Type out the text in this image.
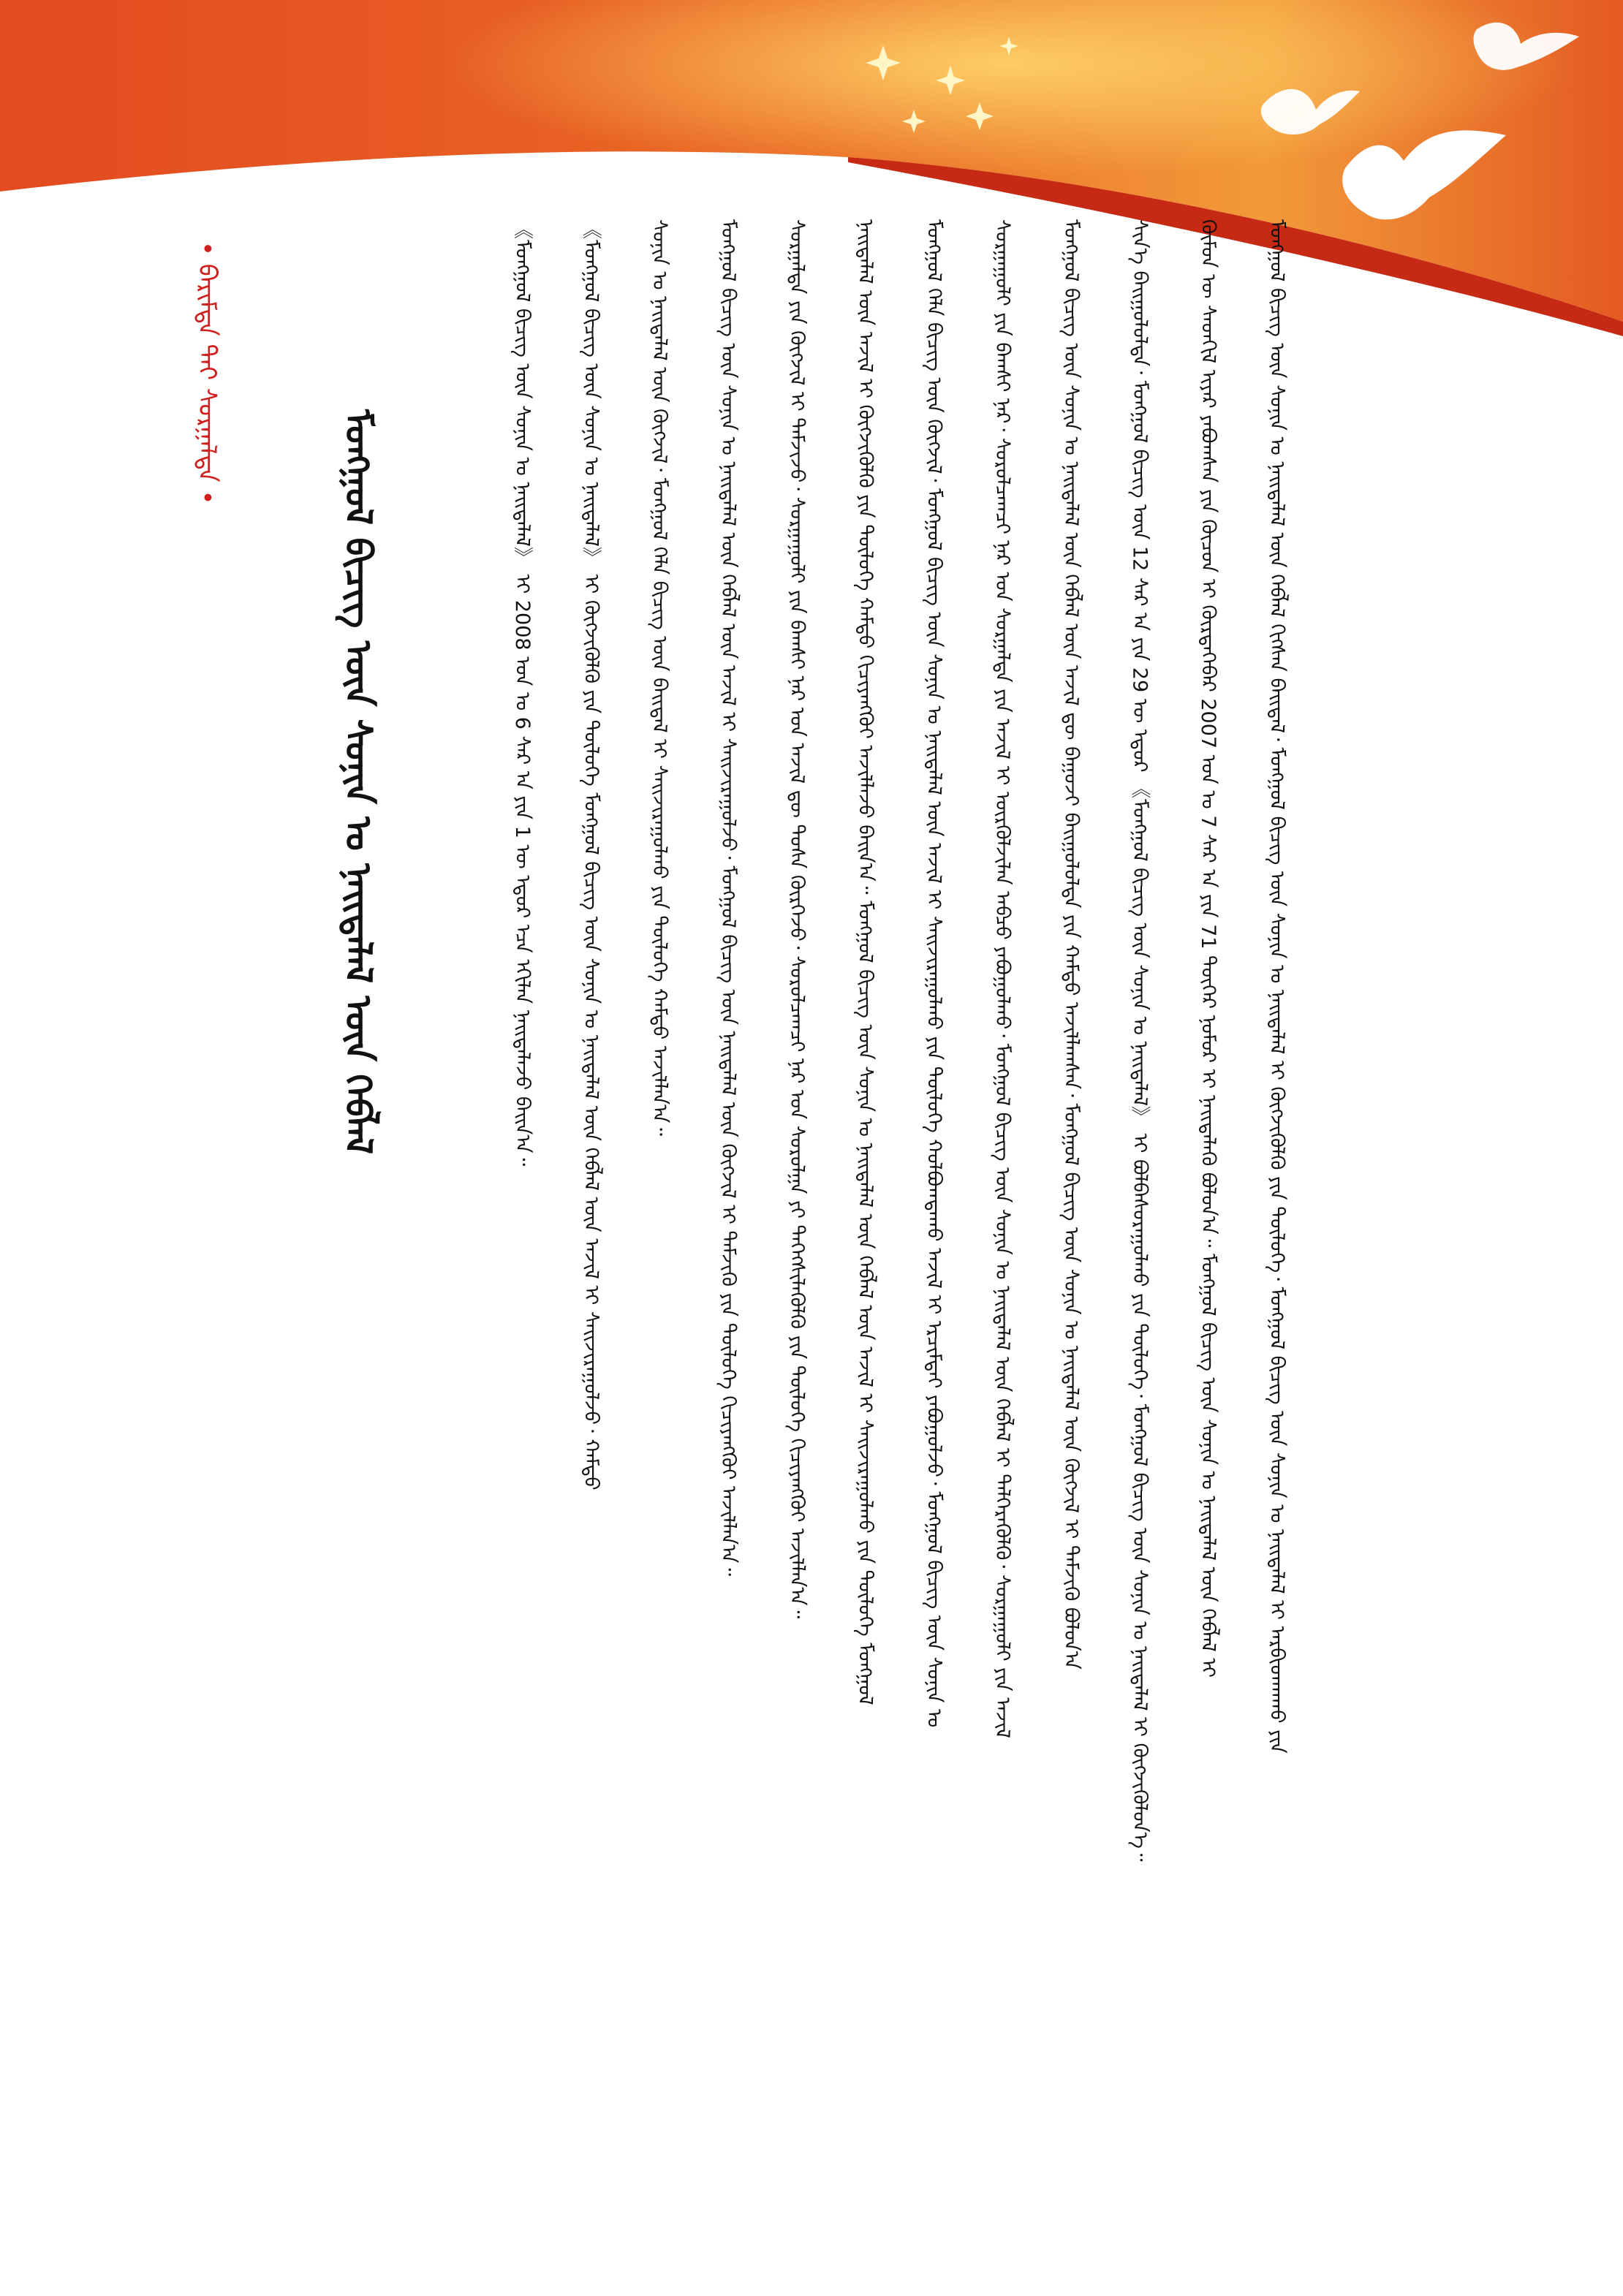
ᠮᠣᠩᠭᠤᠯ ᠪᠢᠴᠢᠭ ᠦᠨ ᠰᠣᠨᠢᠨ ᠤ ᠨᠡᠢᠲᠡᠯᠡᠯ ᠦᠨ ᠬᠡᠪᠯᠡᠯ
• ᠪᠠᠷᠢᠮᠲᠠ ᠲᠠᠢ ᠰᠤᠷᠭᠠᠯᠲᠠ •	ᠮᠣᠩᠭᠤᠯ ᠪᠢᠴᠢᠭ ᠦᠨ ᠰᠣᠨᠢᠨ ᠤ ᠨᠡᠢᠲᠡᠯᠡᠯ ᠦᠨ ᠬᠡᠪᠯᠡᠯ ᠬᠢᠭᠰᠡᠨ ᠪᠠᠢᠳᠠᠯ᠂ ᠮᠣᠩᠭᠤᠯ ᠪᠢᠴᠢᠭ ᠦᠨ ᠰᠣᠨᠢᠨ ᠤ ᠨᠡᠢᠲᠡᠯᠡᠯ ᠢ ᠬᠥᠭᠵᠢᠭᠦᠯᠬᠦ ᠶᠢᠨ ᠲᠥᠯᠥᠭᠡ᠂ ᠮᠣᠩᠭᠤᠯ ᠪᠢᠴᠢᠭ ᠦᠨ ᠰᠣᠨᠢᠨ ᠤ ᠨᠡᠢᠲᠡᠯᠡᠯ ᠢ ᠠᠷᠪᠢᠳᠬᠠᠬᠤ ᠶᠢᠨ
ᠬᠥᠮᠦᠨ ᠦ ᠰᠡᠳᠬᠢᠯ ᠢᠶᠡᠷ ᠶᠠᠪᠤᠭᠰᠠᠨ ᠶᠢᠨ ᠬᠦᠴᠦᠨ ᠢ ᠬᠦᠷᠲᠡᠭᠡᠪᠡᠷ 2007 ᠣᠨ ᠤ 7 ᠰᠠᠷ ᠠ ᠶᠢᠨ 71 ᠳᠦᠭᠡᠷ ᠨᠣᠮᠣᠷ ᠢ ᠨᠡᠢᠲᠡᠯᠡᠬᠦ ᠪᠣᠯᠤᠨ᠎ᠠ᠃ ᠮᠣᠩᠭᠤᠯ ᠪᠢᠴᠢᠭ ᠦᠨ ᠰᠣᠨᠢᠨ ᠤ ᠨᠡᠢᠲᠡᠯᠡᠯ ᠦᠨ ᠬᠡᠪᠯᠡᠯ ᠢ
ᠰᠢᠨ᠎ᠡ ᠪᠠᠢᠭᠤᠯᠤᠯᠲᠠ᠂ ᠮᠣᠩᠭᠤᠯ ᠪᠢᠴᠢᠭ ᠦᠨ 12 ᠰᠠᠷ ᠠ ᠶᠢᠨ 29 ᠦ ᠡᠳᠦᠷ 《ᠮᠣᠩᠭᠤᠯ ᠪᠢᠴᠢᠭ ᠦᠨ ᠰᠣᠨᠢᠨ ᠤ ᠨᠡᠢᠲᠡᠯᠡᠯ》 ᠢ ᠪᠣᠯᠪᠠᠰᠤᠷᠠᠭᠤᠯᠬᠤ ᠶᠢᠨ ᠲᠥᠯᠥᠭᠡ᠂ ᠮᠣᠩᠭᠤᠯ ᠪᠢᠴᠢᠭ ᠦᠨ ᠰᠣᠨᠢᠨ ᠤ ᠨᠡᠢᠲᠡᠯᠡᠯ ᠢ ᠬᠥᠭᠵᠢᠭᠦᠯᠦᠨ᠎ᠡ᠃
ᠮᠣᠩᠭᠤᠯ ᠪᠢᠴᠢᠭ ᠦᠨ ᠰᠣᠨᠢᠨ ᠤ ᠨᠡᠢᠲᠡᠯᠡᠯ ᠦᠨ ᠬᠡᠪᠯᠡᠯ ᠦᠨ ᠠᠵᠢᠯ ᠳᠦ ᠪᠠᠭᠤᠵᠢ ᠪᠠᠢᠭᠤᠯᠤᠯᠲᠠ ᠶᠢᠨ ᠬᠠᠮᠲᠤ ᠠᠵᠢᠯᠯᠠᠭᠰᠠᠨ᠂ ᠮᠣᠩᠭᠤᠯ ᠪᠢᠴᠢᠭ ᠦᠨ ᠰᠣᠨᠢᠨ ᠤ ᠨᠡᠢᠲᠡᠯᠡᠯ ᠦᠨ ᠬᠥᠭᠵᠢᠯ ᠢ ᠳᠡᠮᠵᠢᠬᠦ ᠪᠣᠯᠤᠨ᠎ᠠ
ᠰᠤᠷᠭᠠᠭᠤᠯᠢ ᠶᠢᠨ ᠪᠠᠭᠰᠢ ᠨᠠᠷ᠂ ᠰᠤᠷᠤᠯᠴᠠᠭᠴᠢ ᠨᠠᠷ ᠤᠨ ᠰᠤᠷᠭᠠᠯᠲᠠ ᠶᠢᠨ ᠠᠵᠢᠯ ᠢ ᠦᠷᠭᠦᠯᠵᠢᠯᠡᠨ ᠠᠪᠴᠤ ᠶᠠᠪᠤᠭᠤᠯᠬᠤ᠂ ᠮᠣᠩᠭᠤᠯ ᠪᠢᠴᠢᠭ ᠦᠨ ᠰᠣᠨᠢᠨ ᠤ ᠨᠡᠢᠲᠡᠯᠡᠯ ᠦᠨ ᠬᠡᠪᠯᠡᠯ ᠢ ᠳᠡᠯᠭᠡᠷᠡᠭᠦᠯᠬᠦ᠂ ᠰᠤᠷᠭᠠᠭᠤᠯᠢ ᠶᠢᠨ ᠠᠵᠢᠯ
ᠮᠣᠩᠭᠤᠯ ᠬᠡᠯᠡ ᠪᠢᠴᠢᠭ ᠦᠨ ᠬᠥᠭᠵᠢᠯ᠂ ᠮᠣᠩᠭᠤᠯ ᠪᠢᠴᠢᠭ ᠦᠨ ᠰᠣᠨᠢᠨ ᠤ ᠨᠡᠢᠲᠡᠯᠡᠯ ᠦᠨ ᠠᠵᠢᠯ ᠢ ᠰᠠᠢᠵᠢᠷᠠᠭᠤᠯᠬᠤ ᠶᠢᠨ ᠲᠥᠯᠥᠭᠡ ᠬᠣᠯᠪᠣᠭᠳᠠᠬᠤ ᠠᠵᠢᠯ ᠢ ᠡᠷᠴᠢᠮᠲᠡᠢ ᠶᠠᠪᠤᠭᠤᠯᠵᠤ᠂ ᠮᠣᠩᠭᠤᠯ ᠪᠢᠴᠢᠭ ᠦᠨ ᠰᠣᠨᠢᠨ ᠤ
ᠨᠡᠢᠲᠡᠯᠡᠯ ᠦᠨ ᠠᠵᠢᠯ ᠢ ᠬᠥᠭᠵᠢᠭᠦᠯᠬᠦ ᠶᠢᠨ ᠲᠥᠯᠥᠭᠡ ᠬᠠᠮᠲᠤ ᠬᠢᠴᠢᠶᠡᠩᠭᠦᠢ ᠠᠵᠢᠯᠯᠠᠵᠤ ᠪᠠᠢᠨ᠎ᠠ᠃ ᠮᠣᠩᠭᠤᠯ ᠪᠢᠴᠢᠭ ᠦᠨ ᠰᠣᠨᠢᠨ ᠤ ᠨᠡᠢᠲᠡᠯᠡᠯ ᠦᠨ ᠬᠡᠪᠯᠡᠯ ᠦᠨ ᠠᠵᠢᠯ ᠢ ᠰᠠᠢᠵᠢᠷᠠᠭᠤᠯᠬᠤ ᠶᠢᠨ ᠲᠥᠯᠥᠭᠡ ᠮᠣᠩᠭᠤᠯ
ᠰᠤᠷᠭᠠᠯᠲᠠ ᠶᠢᠨ ᠬᠥᠭᠵᠢᠯ ᠢ ᠳᠡᠮᠵᠢᠵᠦ᠂ ᠰᠤᠷᠭᠠᠭᠤᠯᠢ ᠶᠢᠨ ᠪᠠᠭᠰᠢ ᠨᠠᠷ ᠤᠨ ᠠᠵᠢᠯ ᠳᠦ ᠲᠤᠰᠠ ᠬᠦᠷᠭᠡᠵᠦ᠂ ᠰᠤᠷᠤᠯᠴᠠᠭᠴᠢ ᠨᠠᠷ ᠤᠨ ᠰᠤᠷᠤᠯᠭᠠ ᠶᠢ ᠳᠡᠭᠡᠭᠰᠢᠯᠡᠭᠦᠯᠬᠦ ᠶᠢᠨ ᠲᠥᠯᠥᠭᠡ ᠬᠢᠴᠢᠶᠡᠩᠭᠦᠢ ᠠᠵᠢᠯᠯᠠᠨ᠎ᠠ᠃
ᠮᠣᠩᠭᠤᠯ ᠪᠢᠴᠢᠭ ᠦᠨ ᠰᠣᠨᠢᠨ ᠤ ᠨᠡᠢᠲᠡᠯᠡᠯ ᠦᠨ ᠬᠡᠪᠯᠡᠯ ᠦᠨ ᠠᠵᠢᠯ ᠢ ᠰᠠᠢᠵᠢᠷᠠᠭᠤᠯᠵᠤ᠂ ᠮᠣᠩᠭᠤᠯ ᠪᠢᠴᠢᠭ ᠦᠨ ᠨᠡᠢᠲᠡᠯᠡᠯ ᠦᠨ ᠬᠥᠭᠵᠢᠯ ᠢ ᠳᠡᠮᠵᠢᠬᠦ ᠶᠢᠨ ᠲᠥᠯᠥᠭᠡ ᠬᠢᠴᠢᠶᠡᠩᠭᠦᠢ ᠠᠵᠢᠯᠯᠠᠨ᠎ᠠ᠃
ᠰᠣᠨᠢᠨ ᠤ ᠨᠡᠢᠲᠡᠯᠡᠯ ᠦᠨ ᠬᠥᠭᠵᠢᠯ᠂ ᠮᠣᠩᠭᠤᠯ ᠬᠡᠯᠡ ᠪᠢᠴᠢᠭ ᠦᠨ ᠪᠠᠢᠳᠠᠯ ᠢ ᠰᠠᠢᠵᠢᠷᠠᠭᠤᠯᠬᠤ ᠶᠢᠨ ᠲᠥᠯᠥᠭᠡ ᠬᠠᠮᠲᠤ ᠠᠵᠢᠯᠯᠠᠨ᠎ᠠ᠃
《ᠮᠣᠩᠭᠤᠯ ᠪᠢᠴᠢᠭ ᠦᠨ ᠰᠣᠨᠢᠨ ᠤ ᠨᠡᠢᠲᠡᠯᠡᠯ》 ᠢ ᠬᠥᠭᠵᠢᠭᠦᠯᠬᠦ ᠶᠢᠨ ᠲᠥᠯᠥᠭᠡ ᠮᠣᠩᠭᠤᠯ ᠪᠢᠴᠢᠭ ᠦᠨ ᠰᠣᠨᠢᠨ ᠤ ᠨᠡᠢᠲᠡᠯᠡᠯ ᠦᠨ ᠬᠡᠪᠯᠡᠯ ᠦᠨ ᠠᠵᠢᠯ ᠢ ᠰᠠᠢᠵᠢᠷᠠᠭᠤᠯᠵᠤ᠂ ᠬᠠᠮᠲᠤ
《ᠮᠣᠩᠭᠤᠯ ᠪᠢᠴᠢᠭ ᠦᠨ ᠰᠣᠨᠢᠨ ᠤ ᠨᠡᠢᠲᠡᠯᠡᠯ》 ᠢ 2008 ᠣᠨ ᠤ 6 ᠰᠠᠷ ᠠ ᠶᠢᠨ 1 ᠦ ᠡᠳᠦᠷ ᠡᠴᠡ ᠡᠬᠢᠯᠡᠨ ᠨᠡᠢᠲᠡᠯᠡᠵᠦ ᠪᠠᠢᠨ᠎ᠠ᠃
